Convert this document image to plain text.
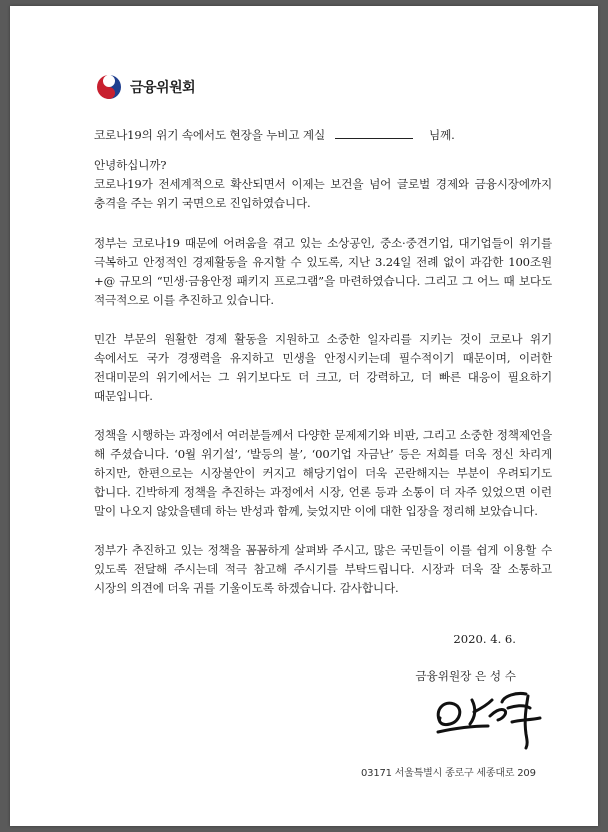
금융위원회
코로나19의 위기 속에서도 현장을 누비고 계실	님께.
안녕하십니까?

코로나19가 전세계적으로 확산되면서 이제는 보건을 넘어 글로벌 경제와 금융시장에까지 충격을 주는 위기 국면으로 진입하였습니다.

정부는 코로나19 때문에 어려움을 겪고 있는 소상공인, 중소·중견기업, 대기업들이 위기를 극복하고 안정적인 경제활동을 유지할 수 있도록, 지난 3.24일 전례 없이 과감한 100조원+@ 규모의 “민생·금융안정 패키지 프로그램”을 마련하였습니다. 그리고 그 어느 때 보다도 적극적으로 이를 추진하고 있습니다.

민간 부문의 원활한 경제 활동을 지원하고 소중한 일자리를 지키는 것이 코로나 위기 속에서도 국가 경쟁력을 유지하고 민생을 안정시키는데 필수적이기 때문이며, 이러한 전대미문의 위기에서는 그 위기보다도 더 크고, 더 강력하고, 더 빠른 대응이 필요하기 때문입니다.

정책을 시행하는 과정에서 여러분들께서 다양한 문제제기와 비판, 그리고 소중한 정책제언을 해 주셨습니다. ‘0월 위기설’, ‘발등의 불’, ‘00기업 자금난’ 등은 저희를 더욱 정신 차리게 하지만, 한편으로는 시장불안이 커지고 해당기업이 더욱 곤란해지는 부분이 우려되기도 합니다. 긴박하게 정책을 추진하는 과정에서 시장, 언론 등과 소통이 더 자주 있었으면 이런 말이 나오지 않았을텐데 하는 반성과 함께, 늦었지만 이에 대한 입장을 정리해 보았습니다.

정부가 추진하고 있는 정책을 꼼꼼하게 살펴봐 주시고, 많은 국민들이 이를 쉽게 이용할 수 있도록 전달해 주시는데 적극 참고해 주시기를 부탁드립니다. 시장과 더욱 잘 소통하고 시장의 의견에 더욱 귀를 기울이도록 하겠습니다. 감사합니다.

2020. 4. 6.
금융위원장 은 성 수
03171 서울특별시 종로구 세종대로 209
